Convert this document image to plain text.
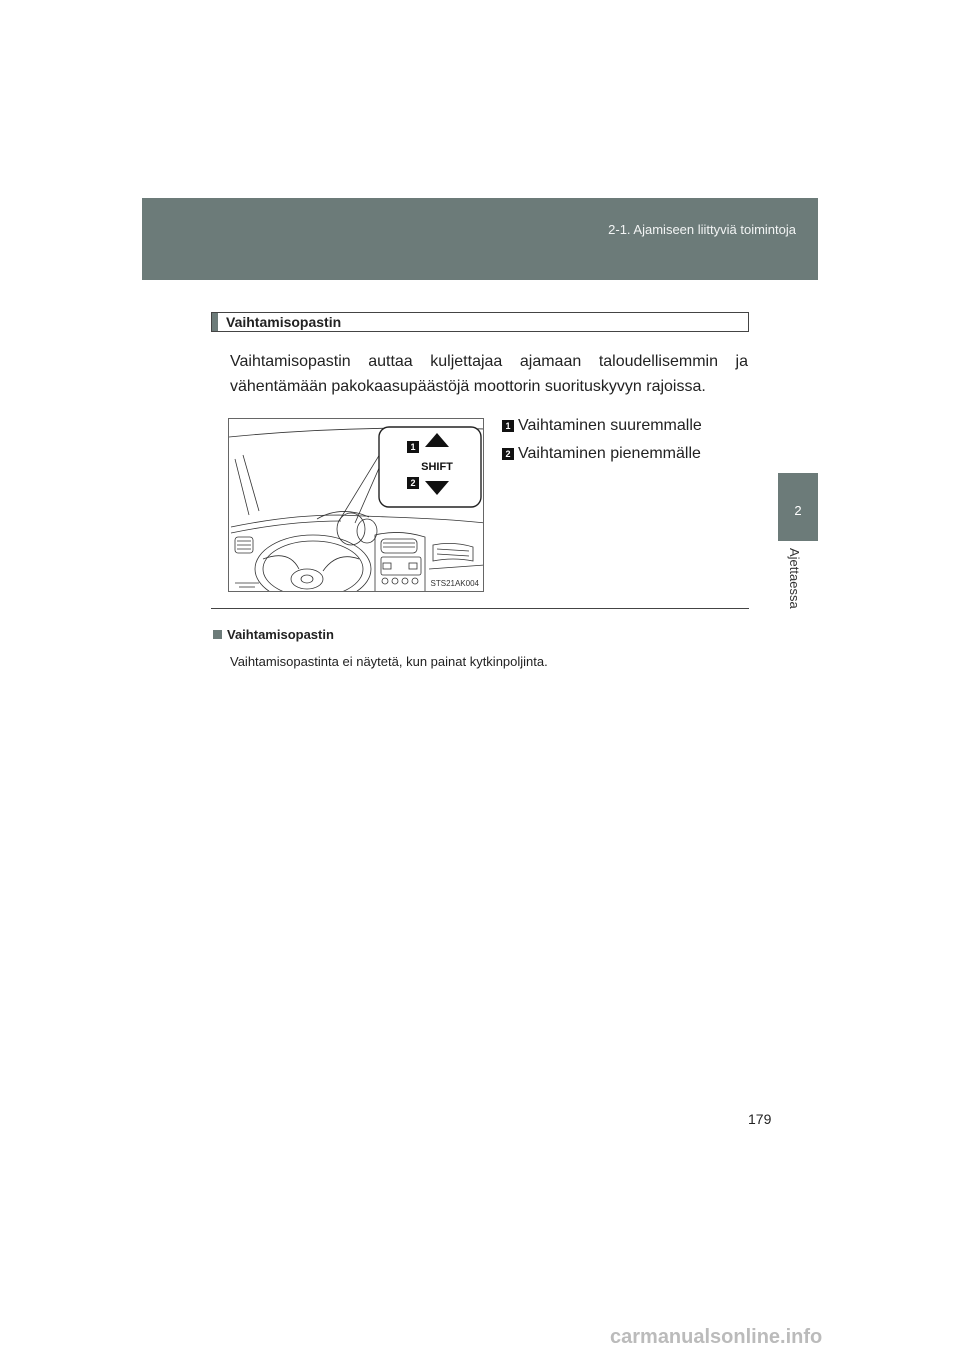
2-1. Ajamiseen liittyviä toimintoja
2
Ajettaessa
Vaihtamisopastin
Vaihtamisopastin auttaa kuljettajaa ajamaan taloudellisemmin ja vähentämään pakokaasupäästöjä moottorin suorituskyvyn rajoissa.
1
SHIFT
2
STS21AK004
1 Vaihtaminen suuremmalle
2 Vaihtaminen pienemmälle
Vaihtamisopastin
Vaihtamisopastinta ei näytetä, kun painat kytkinpoljinta.
179
carmanualsonline.info
